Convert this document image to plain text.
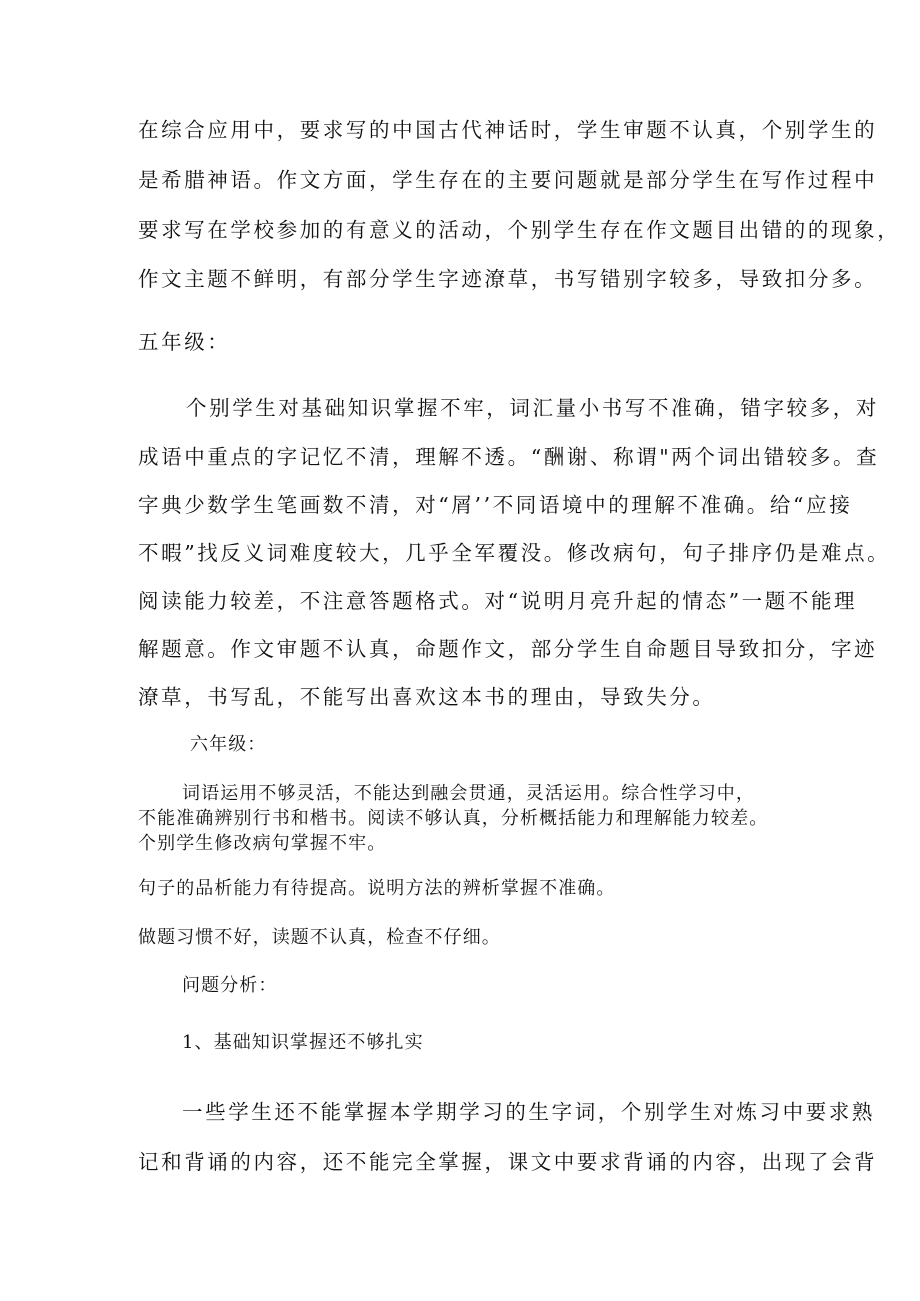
在综合应用中，要求写的中国古代神话时，学生审题不认真，个别学生的

是希腊神语。作文方面，学生存在的主要问题就是部分学生在写作过程中

要求写在学校参加的有意义的活动，个别学生存在作文题目出错的的现象，

作文主题不鲜明，有部分学生字迹潦草，书写错别字较多，导致扣分多。

五年级：

个别学生对基础知识掌握不牢，词汇量小书写不准确，错字较多，对

成语中重点的字记忆不清，理解不透。“酬谢、称谓"两个词出错较多。查

字典少数学生笔画数不清，对“屑’’不同语境中的理解不准确。给“应接

不暇”找反义词难度较大，几乎全军覆没。修改病句，句子排序仍是难点。

阅读能力较差，不注意答题格式。对“说明月亮升起的情态”一题不能理

解题意。作文审题不认真，命题作文，部分学生自命题目导致扣分，字迹

潦草，书写乱，不能写出喜欢这本书的理由，导致失分。

六年级：

词语运用不够灵活，不能达到融会贯通，灵活运用。综合性学习中，

不能准确辨别行书和楷书。阅读不够认真，分析概括能力和理解能力较差。

个别学生修改病句掌握不牢。

句子的品析能力有待提高。说明方法的辨析掌握不准确。

做题习惯不好，读题不认真，检查不仔细。

问题分析：

1、基础知识掌握还不够扎实

一些学生还不能掌握本学期学习的生字词，个别学生对炼习中要求熟

记和背诵的内容，还不能完全掌握，课文中要求背诵的内容，出现了会背
